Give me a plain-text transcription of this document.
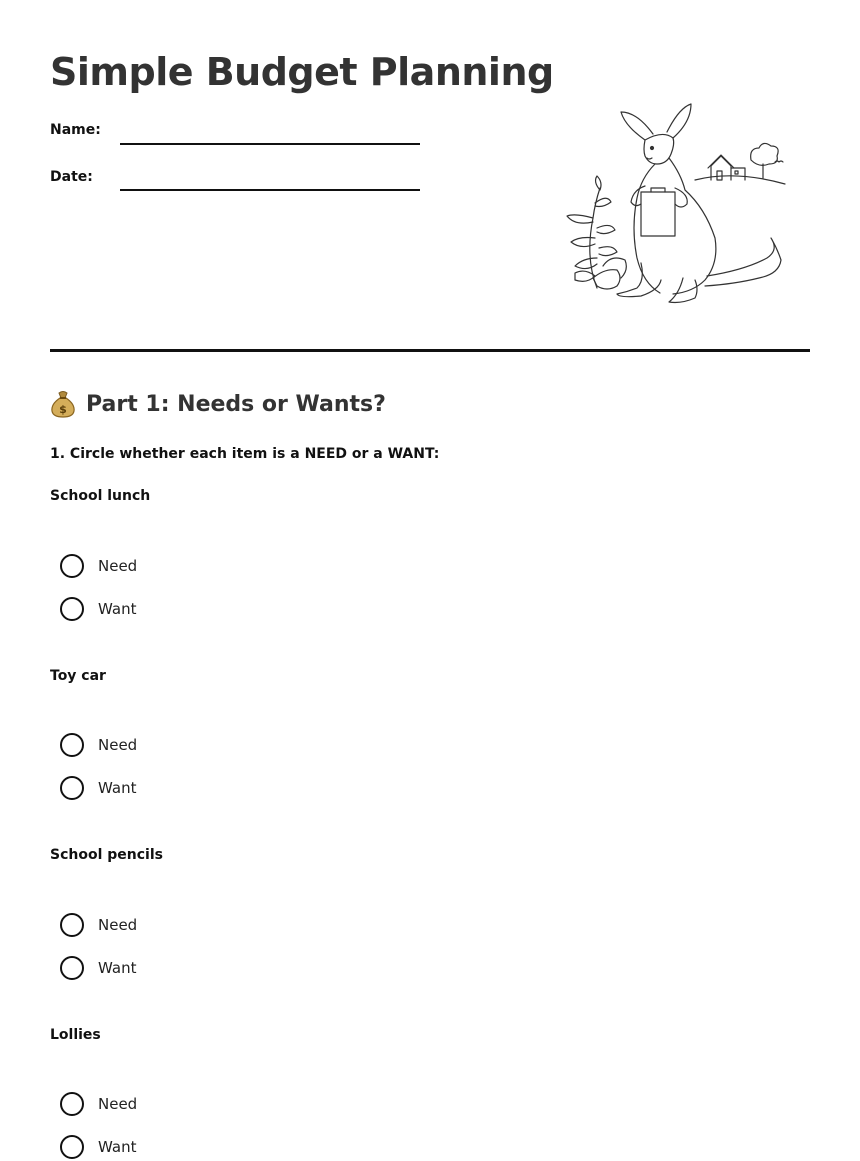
Simple Budget Planning
Name:
Date:
$ Part 1: Needs or Wants?
1. Circle whether each item is a NEED or a WANT:
School lunch
Need
Want
Toy car
Need
Want
School pencils
Need
Want
Lollies
Need
Want
